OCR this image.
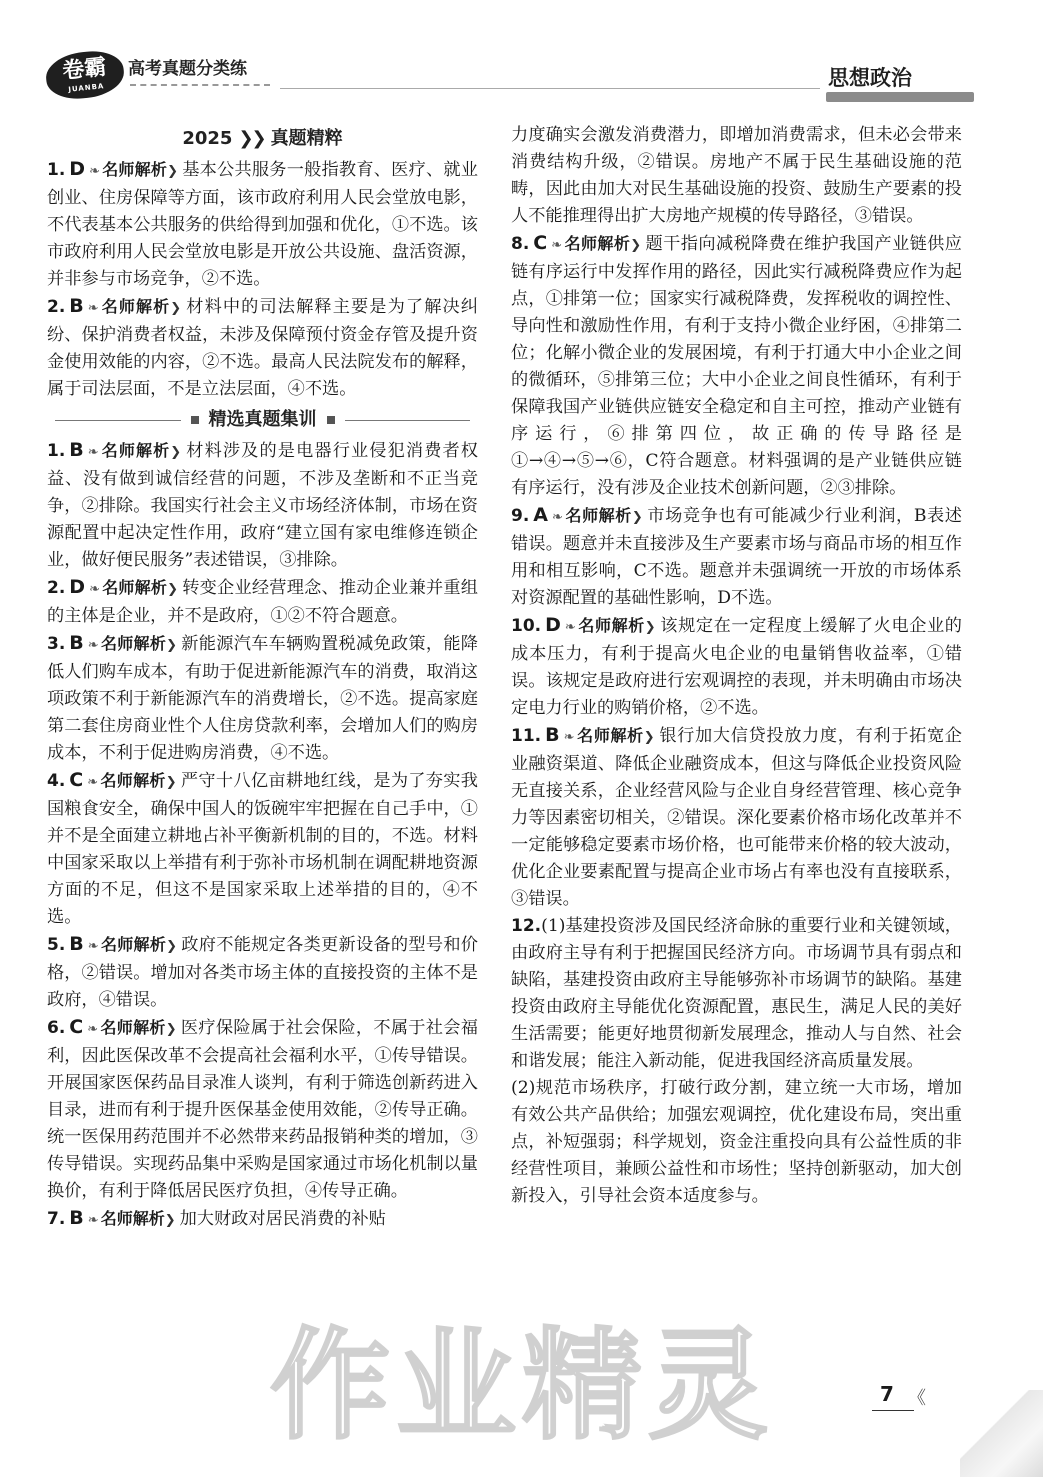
卷霸
JUANBA
高考真题分类练	思想政治
2025 ❯❯ 真题精粹

1. D ❧ 名师解析❯ 基本公共服务一般指教育、医疗、就业创业、住房保障等方面，该市政府利用人民会堂放电影，不代表基本公共服务的供给得到加强和优化，①不选。该市政府利用人民会堂放电影是开放公共设施、盘活资源，并非参与市场竞争，②不选。

2. B ❧ 名师解析❯ 材料中的司法解释主要是为了解决纠纷、保护消费者权益，未涉及保障预付资金存管及提升资金使用效能的内容，②不选。最高人民法院发布的解释，属于司法层面，不是立法层面，④不选。

精选真题集训

1. B ❧ 名师解析❯ 材料涉及的是电器行业侵犯消费者权益、没有做到诚信经营的问题，不涉及垄断和不正当竞争，②排除。我国实行社会主义市场经济体制，市场在资源配置中起决定性作用，政府“建立国有家电维修连锁企业，做好便民服务”表述错误，③排除。

2. D ❧ 名师解析❯ 转变企业经营理念、推动企业兼并重组的主体是企业，并不是政府，①②不符合题意。

3. B ❧ 名师解析❯ 新能源汽车车辆购置税减免政策，能降低人们购车成本，有助于促进新能源汽车的消费，取消这项政策不利于新能源汽车的消费增长，②不选。提高家庭第二套住房商业性个人住房贷款利率，会增加人们的购房成本，不利于促进购房消费，④不选。

4. C ❧ 名师解析❯ 严守十八亿亩耕地红线，是为了夯实我国粮食安全，确保中国人的饭碗牢牢把握在自己手中，①并不是全面建立耕地占补平衡新机制的目的，不选。材料中国家采取以上举措有利于弥补市场机制在调配耕地资源方面的不足，但这不是国家采取上述举措的目的，④不选。

5. B ❧ 名师解析❯ 政府不能规定各类更新设备的型号和价格，②错误。增加对各类市场主体的直接投资的主体不是政府，④错误。

6. C ❧ 名师解析❯ 医疗保险属于社会保险，不属于社会福利，因此医保改革不会提高社会福利水平，①传导错误。开展国家医保药品目录准人谈判，有利于筛选创新药进入目录，进而有利于提升医保基金使用效能，②传导正确。统一医保用药范围并不必然带来药品报销种类的增加，③传导错误。实现药品集中采购是国家通过市场化机制以量换价，有利于降低居民医疗负担，④传导正确。

7. B ❧ 名师解析❯ 加大财政对居民消费的补贴

力度确实会激发消费潜力，即增加消费需求，但未必会带来消费结构升级，②错误。房地产不属于民生基础设施的范畴，因此由加大对民生基础设施的投资、鼓励生产要素的投人不能推理得出扩大房地产规模的传导路径，③错误。

8. C ❧ 名师解析❯ 题干指向减税降费在维护我国产业链供应链有序运行中发挥作用的路径，因此实行减税降费应作为起点，①排第一位；国家实行减税降费，发挥税收的调控性、导向性和激励性作用，有利于支持小微企业纾困，④排第二位；化解小微企业的发展困境，有利于打通大中小企业之间的微循环，⑤排第三位；大中小企业之间良性循环，有利于保障我国产业链供应链安全稳定和自主可控，推动产业链有序运行，⑥排第四位，故正确的传导路径是①→④→⑤→⑥，C符合题意。材料强调的是产业链供应链有序运行，没有涉及企业技术创新问题，②③排除。

9. A ❧ 名师解析❯ 市场竞争也有可能减少行业利润，B表述错误。题意并未直接涉及生产要素市场与商品市场的相互作用和相互影响，C不选。题意并未强调统一开放的市场体系对资源配置的基础性影响，D不选。

10. D ❧ 名师解析❯ 该规定在一定程度上缓解了火电企业的成本压力，有利于提高火电企业的电量销售收益率，①错误。该规定是政府进行宏观调控的表现，并未明确由市场决定电力行业的购销价格，②不选。

11. B ❧ 名师解析❯ 银行加大信贷投放力度，有利于拓宽企业融资渠道、降低企业融资成本，但这与降低企业投资风险无直接关系，企业经营风险与企业自身经营管理、核心竞争力等因素密切相关，②错误。深化要素价格市场化改革并不一定能够稳定要素市场价格，也可能带来价格的较大波动，优化企业要素配置与提高企业市场占有率也没有直接联系，③错误。

12.(1)基建投资涉及国民经济命脉的重要行业和关键领域，由政府主导有利于把握国民经济方向。市场调节具有弱点和缺陷，基建投资由政府主导能够弥补市场调节的缺陷。基建投资由政府主导能优化资源配置，惠民生，满足人民的美好生活需要；能更好地贯彻新发展理念，推动人与自然、社会和谐发展；能注入新动能，促进我国经济高质量发展。

(2)规范市场秩序，打破行政分割，建立统一大市场，增加有效公共产品供给；加强宏观调控，优化建设布局，突出重点，补短强弱；科学规划，资金注重投向具有公益性质的非经营性项目，兼顾公益性和市场性；坚持创新驱动，加大创新投入，引导社会资本适度参与。

作业精灵	7 《
